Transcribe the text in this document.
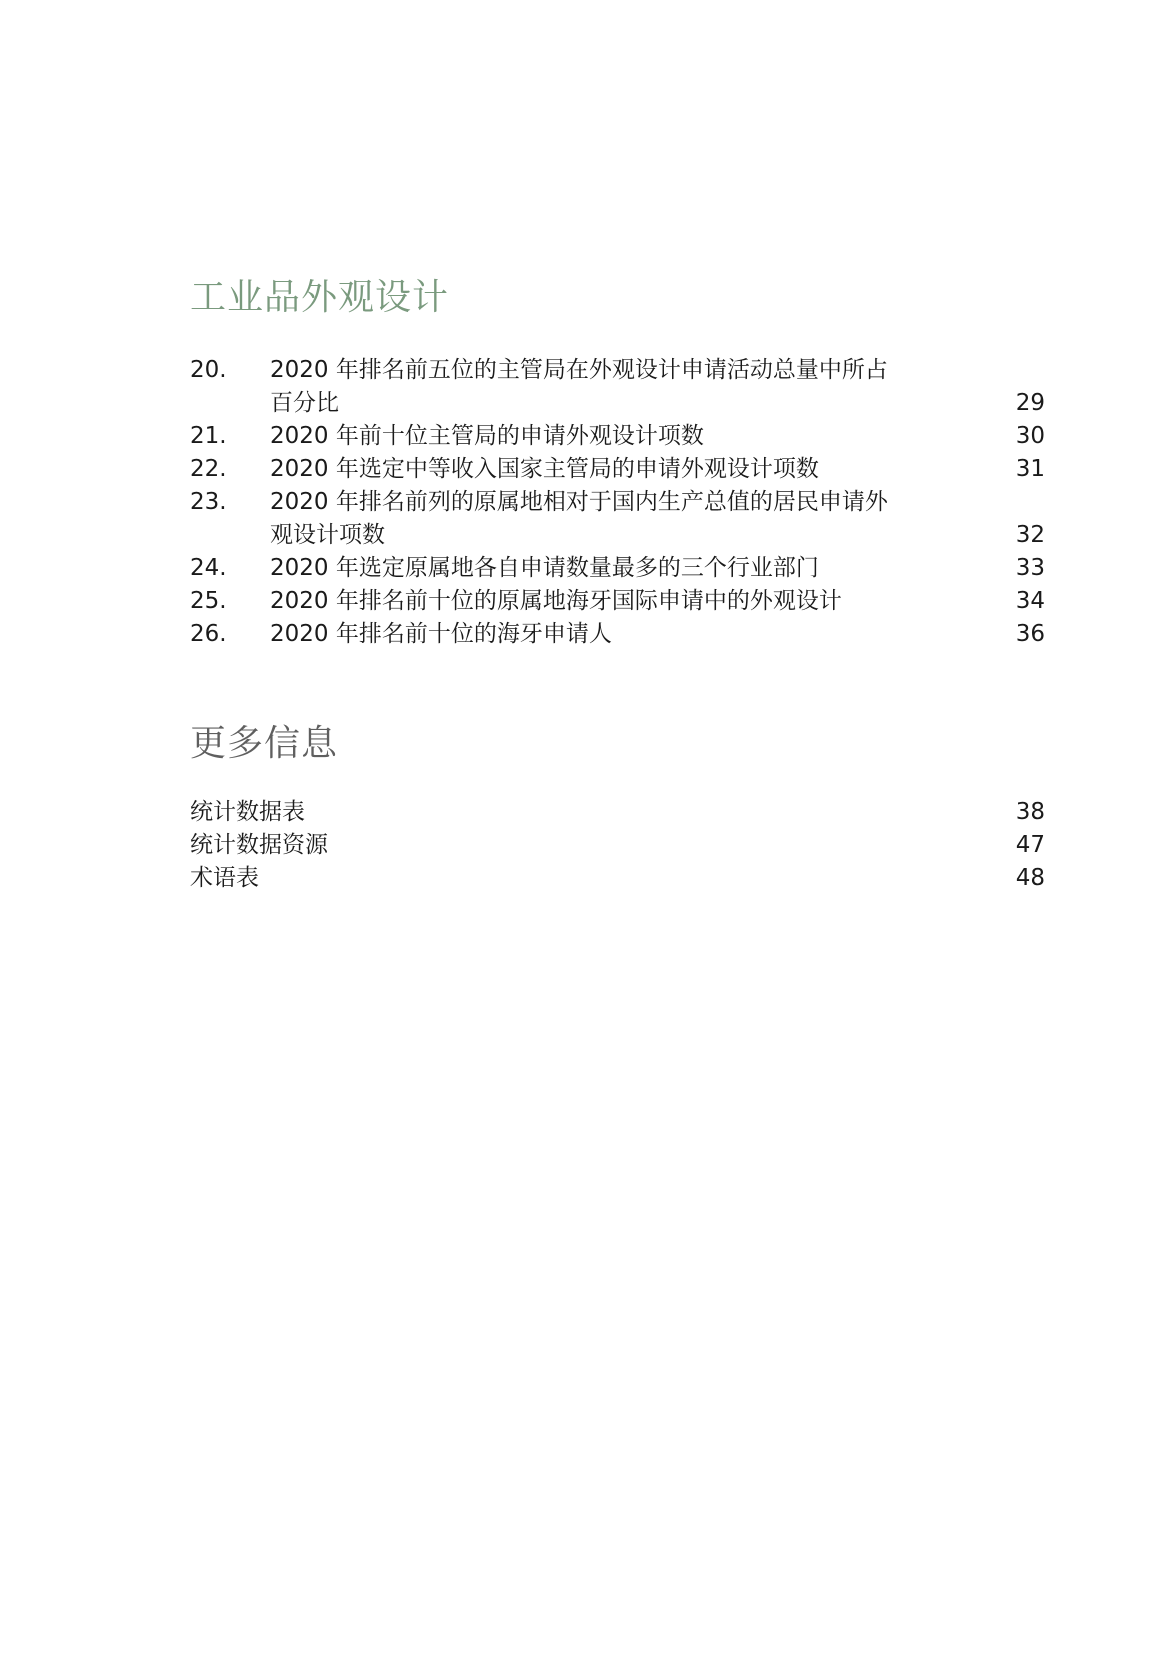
工业品外观设计
20.	2020 年排名前五位的主管局在外观设计申请活动总量中所占百分比	29
21.	2020 年前十位主管局的申请外观设计项数	30
22.	2020 年选定中等收入国家主管局的申请外观设计项数	31
23.	2020 年排名前列的原属地相对于国内生产总值的居民申请外观设计项数	32
24.	2020 年选定原属地各自申请数量最多的三个行业部门	33
25.	2020 年排名前十位的原属地海牙国际申请中的外观设计	34
26.	2020 年排名前十位的海牙申请人	36
更多信息
统计数据表	38
统计数据资源	47
术语表	48
